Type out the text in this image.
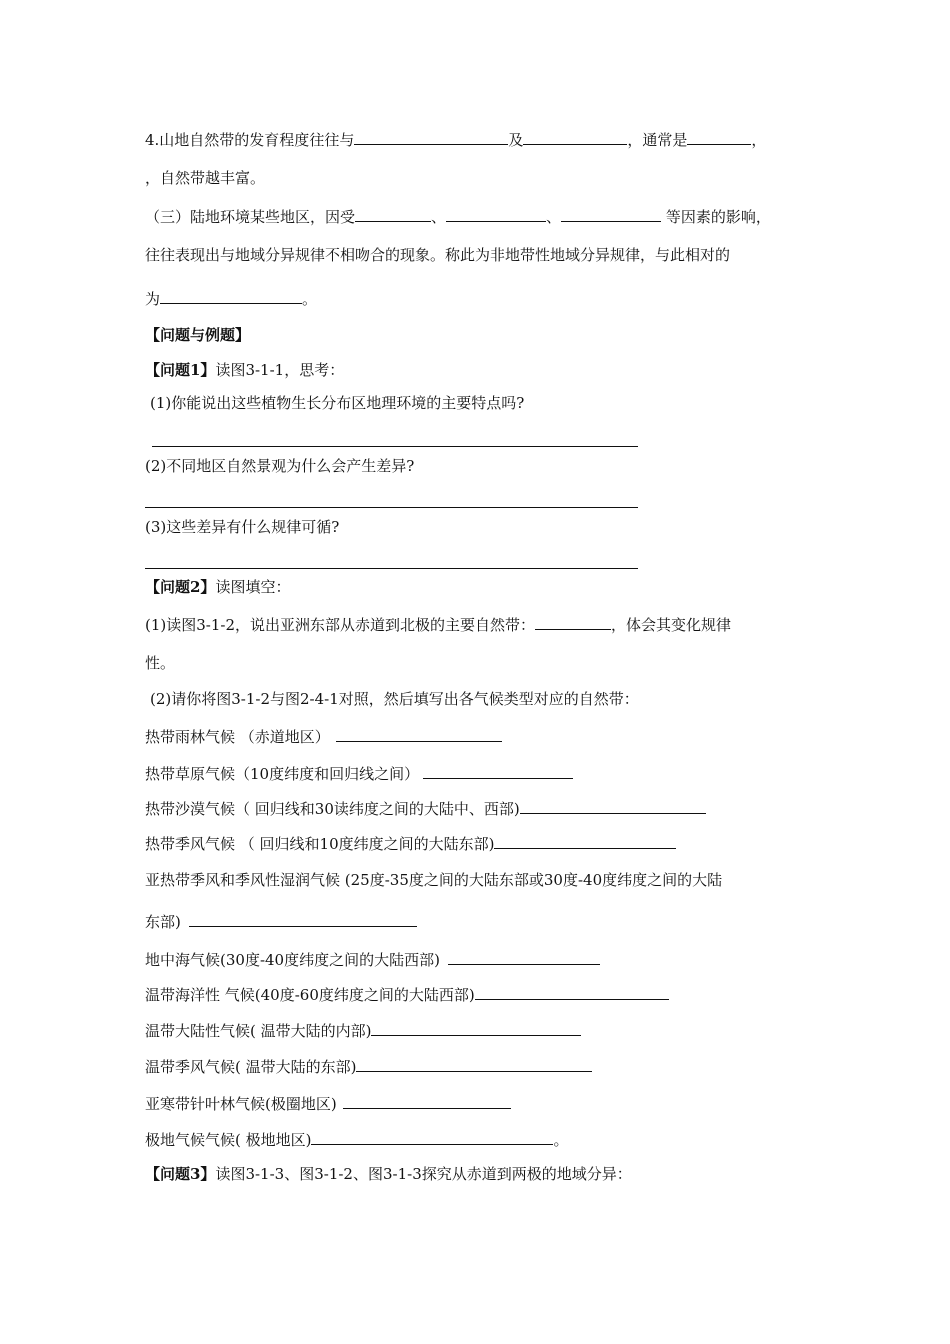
4.山地自然带的发育程度往往与	及	，通常是	，
，自然带越丰富。
（三）陆地环境某些地区，因受	、	、	等因素的影响，
往往表现出与地域分异规律不相吻合的现象。称此为非地带性地域分异规律，与此相对的
为	。
【问题与例题】
【问题1】读图3-1-1，思考：
(1)你能说出这些植物生长分布区地理环境的主要特点吗?
(2)不同地区自然景观为什么会产生差异?
(3)这些差异有什么规律可循?
【问题2】读图填空：
(1)读图3-1-2，说出亚洲东部从赤道到北极的主要自然带：	，体会其变化规律
性。
(2)请你将图3-1-2与图2-4-1对照，然后填写出各气候类型对应的自然带：
热带雨林气候 （赤道地区）
热带草原气候（10度纬度和回归线之间）
热带沙漠气候（ 回归线和30读纬度之间的大陆中、西部)
热带季风气候 （ 回归线和10度纬度之间的大陆东部)
亚热带季风和季风性湿润气候 (25度-35度之间的大陆东部或30度-40度纬度之间的大陆
东部)
地中海气候(30度-40度纬度之间的大陆西部)
温带海洋性 气候(40度-60度纬度之间的大陆西部)
温带大陆性气候( 温带大陆的内部)
温带季风气候( 温带大陆的东部)
亚寒带针叶林气候(极圈地区)
极地气候气候( 极地地区)	。
【问题3】读图3-1-3、图3-1-2、图3-1-3探究从赤道到两极的地域分异：
